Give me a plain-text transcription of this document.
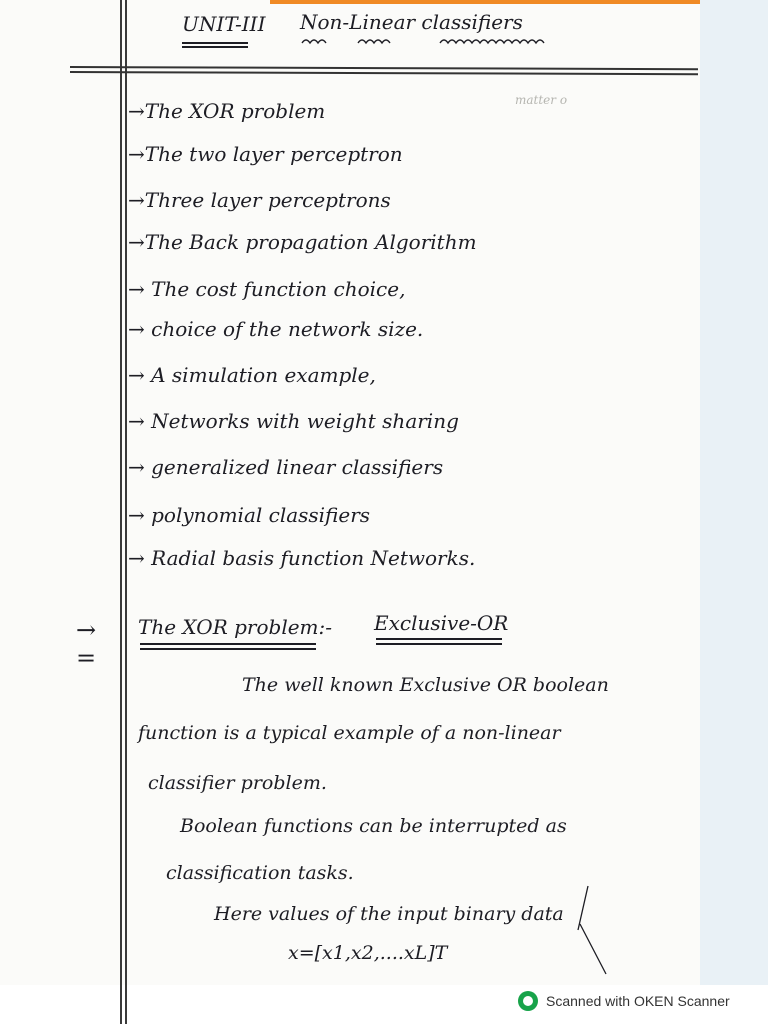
UNIT-III Non-Linear classifiers
matter o
→The XOR problem
→The two layer perceptron
→Three layer perceptrons
→The Back propagation Algorithm
→ The cost function choice,
→ choice of the network size.
→ A simulation example,
→ Networks with weight sharing
→ generalized linear classifiers
→ polynomial classifiers
→ Radial basis function Networks.
→
=
The XOR problem:- Exclusive-OR
The well known Exclusive OR boolean
function is a typical example of a non-linear
classifier problem.
Boolean functions can be interrupted as
classification tasks.
Here values of the input binary data
x=[x1,x2,....xL]T
Scanned with OKEN Scanner
